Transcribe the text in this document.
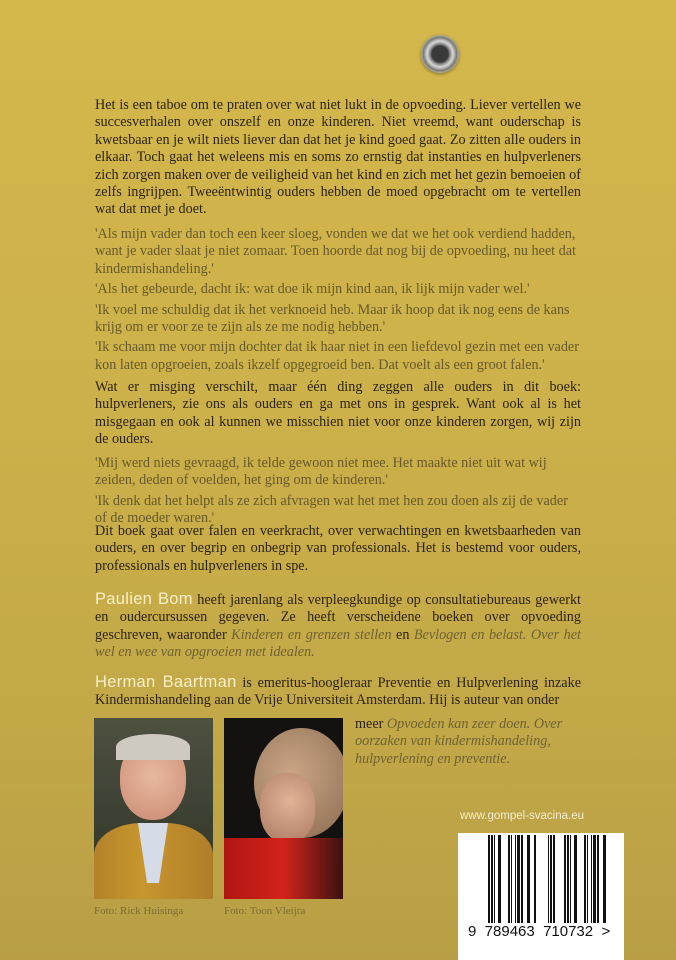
Het is een taboe om te praten over wat niet lukt in de opvoeding. Liever vertellen we succesverhalen over onszelf en onze kinderen. Niet vreemd, want ouderschap is kwetsbaar en je wilt niets liever dan dat het je kind goed gaat. Zo zitten alle ouders in elkaar. Toch gaat het weleens mis en soms zo ernstig dat instanties en hulpverleners zich zorgen maken over de veiligheid van het kind en zich met het gezin bemoeien of zelfs ingrijpen. Tweeëntwintig ouders hebben de moed opgebracht om te vertellen wat dat met je doet.

'Als mijn vader dan toch een keer sloeg, vonden we dat we het ook verdiend hadden, want je vader slaat je niet zomaar. Toen hoorde dat nog bij de opvoeding, nu heet dat kindermishandeling.'

'Als het gebeurde, dacht ik: wat doe ik mijn kind aan, ik lijk mijn vader wel.'

'Ik voel me schuldig dat ik het verknoeid heb. Maar ik hoop dat ik nog eens de kans krijg om er voor ze te zijn als ze me nodig hebben.'

'Ik schaam me voor mijn dochter dat ik haar niet in een liefdevol gezin met een vader kon laten opgroeien, zoals ikzelf opgegroeid ben. Dat voelt als een groot falen.'

Wat er misging verschilt, maar één ding zeggen alle ouders in dit boek: hulpverleners, zie ons als ouders en ga met ons in gesprek. Want ook al is het misgegaan en ook al kunnen we misschien niet voor onze kinderen zorgen, wij zijn de ouders.

'Mij werd niets gevraagd, ik telde gewoon niet mee. Het maakte niet uit wat wij zeiden, deden of voelden, het ging om de kinderen.'

'Ik denk dat het helpt als ze zich afvragen wat het met hen zou doen als zij de vader of de moeder waren.'

Dit boek gaat over falen en veerkracht, over verwachtingen en kwetsbaarheden van ouders, en over begrip en onbegrip van professionals. Het is bestemd voor ouders, professionals en hulpverleners in spe.

Paulien Bom heeft jarenlang als verpleegkundige op consultatiebureaus gewerkt en oudercursussen gegeven. Ze heeft verscheidene boeken over opvoeding geschreven, waaronder Kinderen en grenzen stellen en Bevlogen en belast. Over het wel en wee van opgroeien met idealen.

Herman Baartman is emeritus-hoogleraar Preventie en Hulpverlening inzake Kindermishandeling aan de Vrije Universiteit Amsterdam. Hij is auteur van onder

meer Opvoeden kan zeer doen. Over oorzaken van kindermishandeling, hulpverlening en preventie.

Foto: Rick Huisinga	Foto: Toon Vleijra
www.gompel-svacina.eu
9  789463  710732  >
